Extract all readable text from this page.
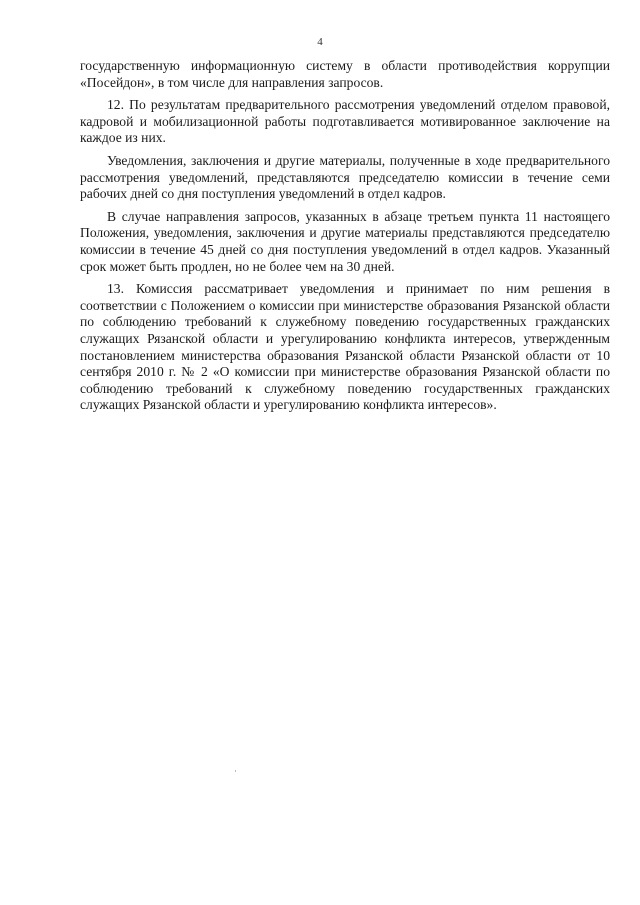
4

государственную информационную систему в области противодействия коррупции «Посейдон», в том числе для направления запросов.

12. По результатам предварительного рассмотрения уведомлений отделом правовой, кадровой и мобилизационной работы подготавливается мотивированное заключение на каждое из них.

Уведомления, заключения и другие материалы, полученные в ходе предварительного рассмотрения уведомлений, представляются председателю комиссии в течение семи рабочих дней со дня поступления уведомлений в отдел кадров.

В случае направления запросов, указанных в абзаце третьем пункта 11 настоящего Положения, уведомления, заключения и другие материалы представляются председателю комиссии в течение 45 дней со дня поступления уведомлений в отдел кадров. Указанный срок может быть продлен, но не более чем на 30 дней.

13. Комиссия рассматривает уведомления и принимает по ним решения в соответствии с Положением о комиссии при министерстве образования Рязанской области по соблюдению требований к служебному поведению государственных гражданских служащих Рязанской области и урегулированию конфликта интересов, утвержденным постановлением министерства образования Рязанской области Рязанской области от 10 сентября 2010 г. № 2 «О комиссии при министерстве образования Рязанской области по соблюдению требований к служебному поведению государственных гражданских служащих Рязанской области и урегулированию конфликта интересов».
